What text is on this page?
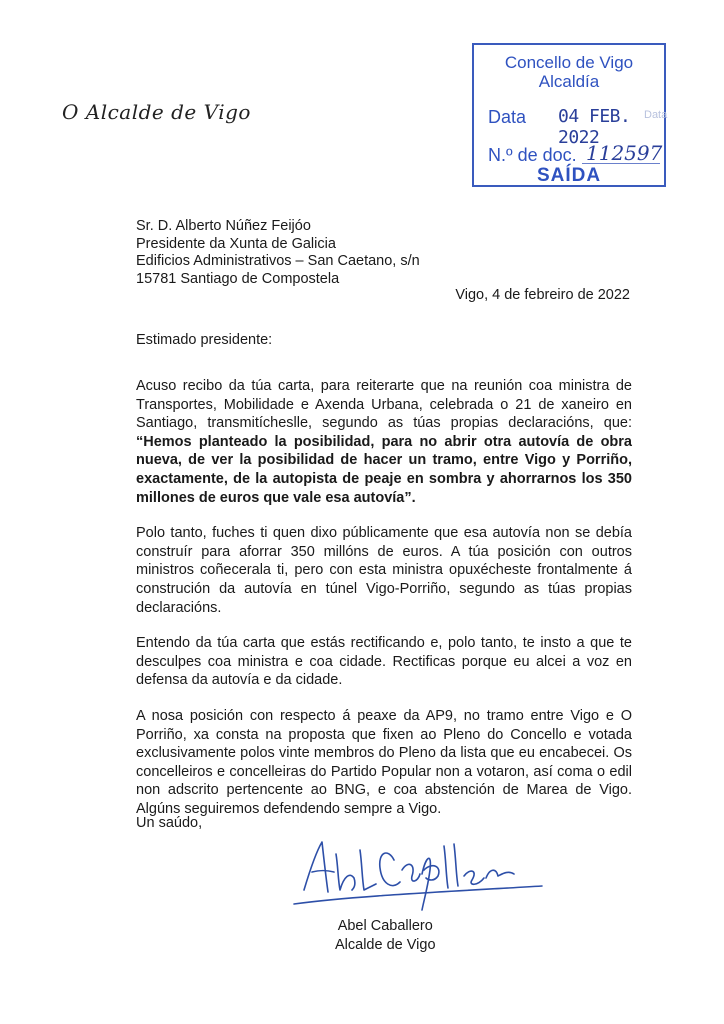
O Alcalde de Vigo
Concello de Vigo
Alcaldía
Data 04 FEB. 2022
Data
N.º de doc. 112597
SAÍDA
Sr. D. Alberto Núñez Feijóo
Presidente da Xunta de Galicia
Edificios Administrativos – San Caetano, s/n
15781 Santiago de Compostela
Vigo, 4 de febreiro de 2022
Estimado presidente:

Acuso recibo da túa carta, para reiterarte que na reunión coa ministra de Transportes, Mobilidade e Axenda Urbana, celebrada o 21 de xaneiro en Santiago, transmitícheslle, segundo as túas propias declaracións, que: “Hemos planteado la posibilidad, para no abrir otra autovía de obra nueva, de ver la posibilidad de hacer un tramo, entre Vigo y Porriño, exactamente, de la autopista de peaje en sombra y ahorrarnos los 350 millones de euros que vale esa autovía”.

Polo tanto, fuches ti quen dixo públicamente que esa autovía non se debía construír para aforrar 350 millóns de euros. A túa posición con outros ministros coñecerala ti, pero con esta ministra opuxécheste frontalmente á construción da autovía en túnel Vigo-Porriño, segundo as túas propias declaracións.

Entendo da túa carta que estás rectificando e, polo tanto, te insto a que te desculpes coa ministra e coa cidade. Rectificas porque eu alcei a voz en defensa da autovía e da cidade.

A nosa posición con respecto á peaxe da AP9, no tramo entre Vigo e O Porriño, xa consta na proposta que fixen ao Pleno do Concello e votada exclusivamente polos vinte membros do Pleno da lista que eu encabecei. Os concelleiros e concelleiras do Partido Popular non a votaron, así coma o edil non adscrito pertencente ao BNG, e coa abstención de Marea de Vigo. Algúns seguiremos defendendo sempre a Vigo.

Un saúdo,
Abel Caballero
Alcalde de Vigo
